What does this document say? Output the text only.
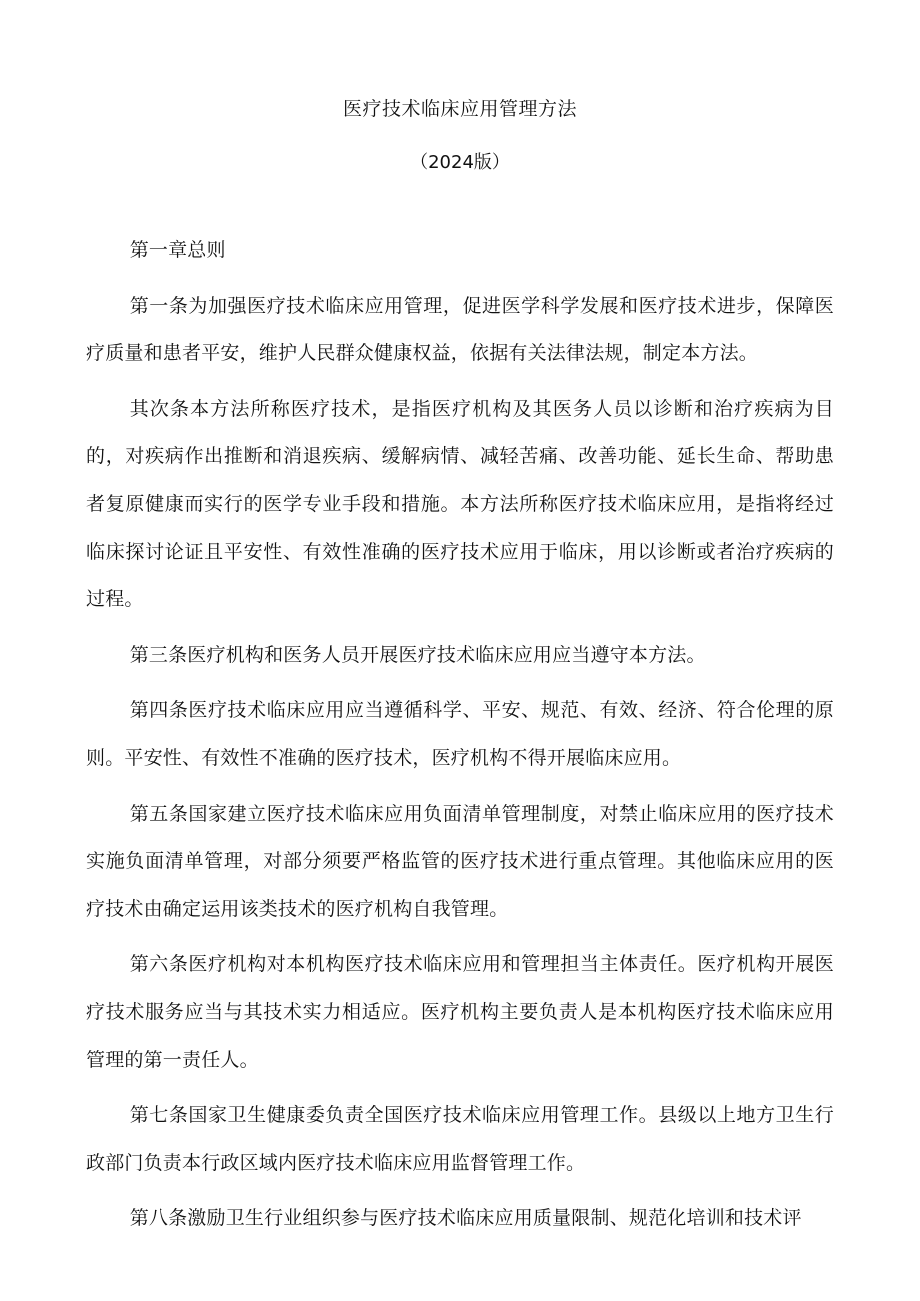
医疗技术临床应用管理方法
（2024版）

第一章总则

第一条为加强医疗技术临床应用管理，促进医学科学发展和医疗技术进步，保障医疗质量和患者平安，维护人民群众健康权益，依据有关法律法规，制定本方法。

其次条本方法所称医疗技术，是指医疗机构及其医务人员以诊断和治疗疾病为目的，对疾病作出推断和消退疾病、缓解病情、减轻苦痛、改善功能、延长生命、帮助患者复原健康而实行的医学专业手段和措施。本方法所称医疗技术临床应用，是指将经过临床探讨论证且平安性、有效性准确的医疗技术应用于临床，用以诊断或者治疗疾病的过程。

第三条医疗机构和医务人员开展医疗技术临床应用应当遵守本方法。

第四条医疗技术临床应用应当遵循科学、平安、规范、有效、经济、符合伦理的原则。平安性、有效性不准确的医疗技术，医疗机构不得开展临床应用。

第五条国家建立医疗技术临床应用负面清单管理制度，对禁止临床应用的医疗技术实施负面清单管理，对部分须要严格监管的医疗技术进行重点管理。其他临床应用的医疗技术由确定运用该类技术的医疗机构自我管理。

第六条医疗机构对本机构医疗技术临床应用和管理担当主体责任。医疗机构开展医疗技术服务应当与其技术实力相适应。医疗机构主要负责人是本机构医疗技术临床应用管理的第一责任人。

第七条国家卫生健康委负责全国医疗技术临床应用管理工作。县级以上地方卫生行政部门负责本行政区域内医疗技术临床应用监督管理工作。

第八条激励卫生行业组织参与医疗技术临床应用质量限制、规范化培训和技术评
